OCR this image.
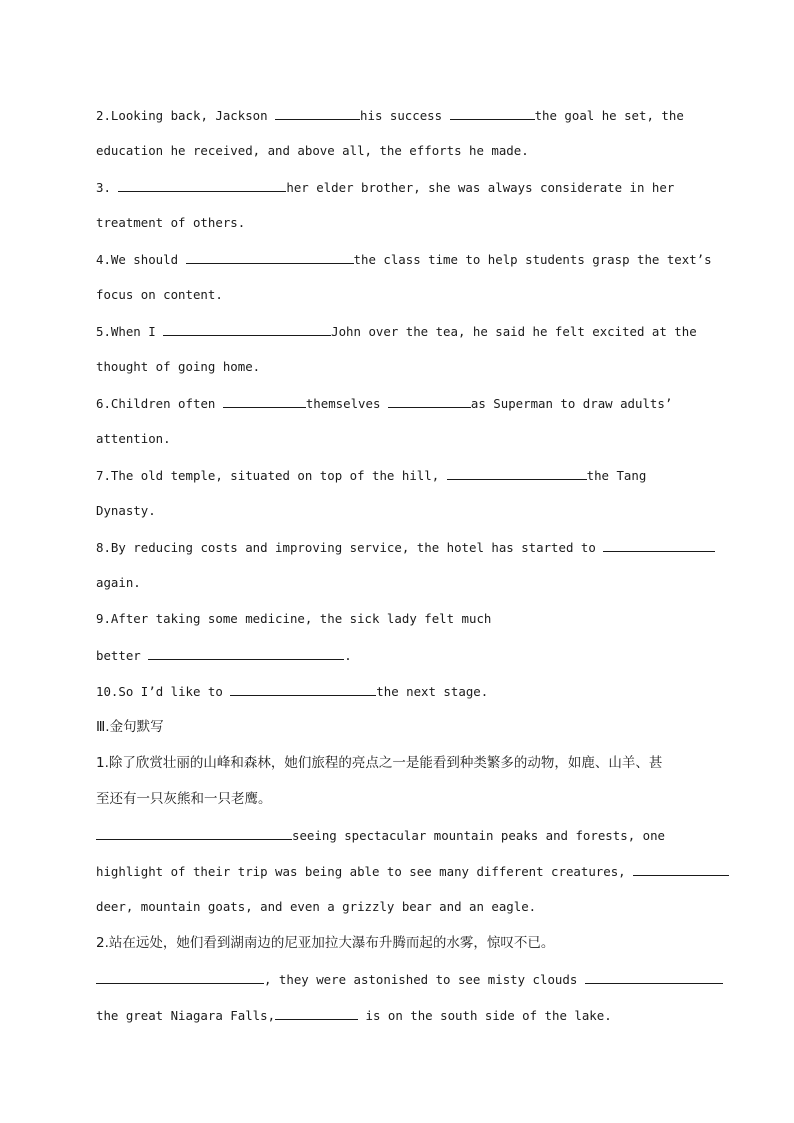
2.Looking back, Jackson	his success	the goal he set, the
education he received, and above all, the efforts he made.
3.	her elder brother, she was always considerate in her
treatment of others.
4.We should	the class time to help students grasp the text’s
focus on content.
5.When I	John over the tea, he said he felt excited at the
thought of going home.
6.Children often	themselves	as Superman to draw adults’
attention.
7.The old temple, situated on top of the hill,	the Tang
Dynasty.
8.By reducing costs and improving service, the hotel has started to
again.
9.After taking some medicine, the sick lady felt much
better	.
10.So I’d like to	the next stage.
Ⅲ.金句默写
1.除了欣赏壮丽的山峰和森林，她们旅程的亮点之一是能看到种类繁多的动物，如鹿、山羊、甚
至还有一只灰熊和一只老鹰。
seeing spectacular mountain peaks and forests, one
highlight of their trip was being able to see many different creatures,
deer, mountain goats, and even a grizzly bear and an eagle.
2.站在远处，她们看到湖南边的尼亚加拉大瀑布升腾而起的水雾，惊叹不已。
, they were astonished to see misty clouds
the great Niagara Falls,	is on the south side of the lake.
